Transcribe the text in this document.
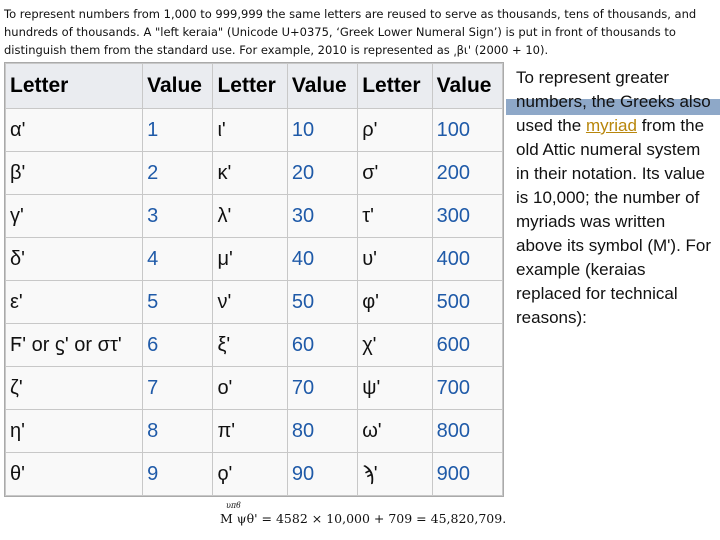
To represent numbers from 1,000 to 999,999 the same letters are reused to serve as thousands, tens of thousands, and hundreds of thousands. A "left keraia" (Unicode U+0375, ‘Greek Lower Numeral Sign’) is put in front of thousands to distinguish them from the standard use. For example, 2010 is represented as ͵βι' (2000 + 10).
Letter	Value	Letter	Value	Letter	Value
α'	1	ι'	10	ρ'	100
β'	2	κ'	20	σ'	200
γ'	3	λ'	30	τ'	300
δ'	4	μ'	40	υ'	400
ε'	5	ν'	50	φ'	500
Ϝ' or ϛ' or στ'	6	ξ'	60	χ'	600
ζ'	7	ο'	70	ψ'	700
η'	8	π'	80	ω'	800
θ'	9	ϙ'	90	ϡ'	900
To represent greater numbers, the Greeks also used the myriad from the old Attic numeral system in their notation. Its value is 10,000; the number of myriads was written above its symbol (M'). For example (keraias replaced for technical reasons):
υπϐ
M ψθ' = 4582 × 10,000 + 709 = 45,820,709.
